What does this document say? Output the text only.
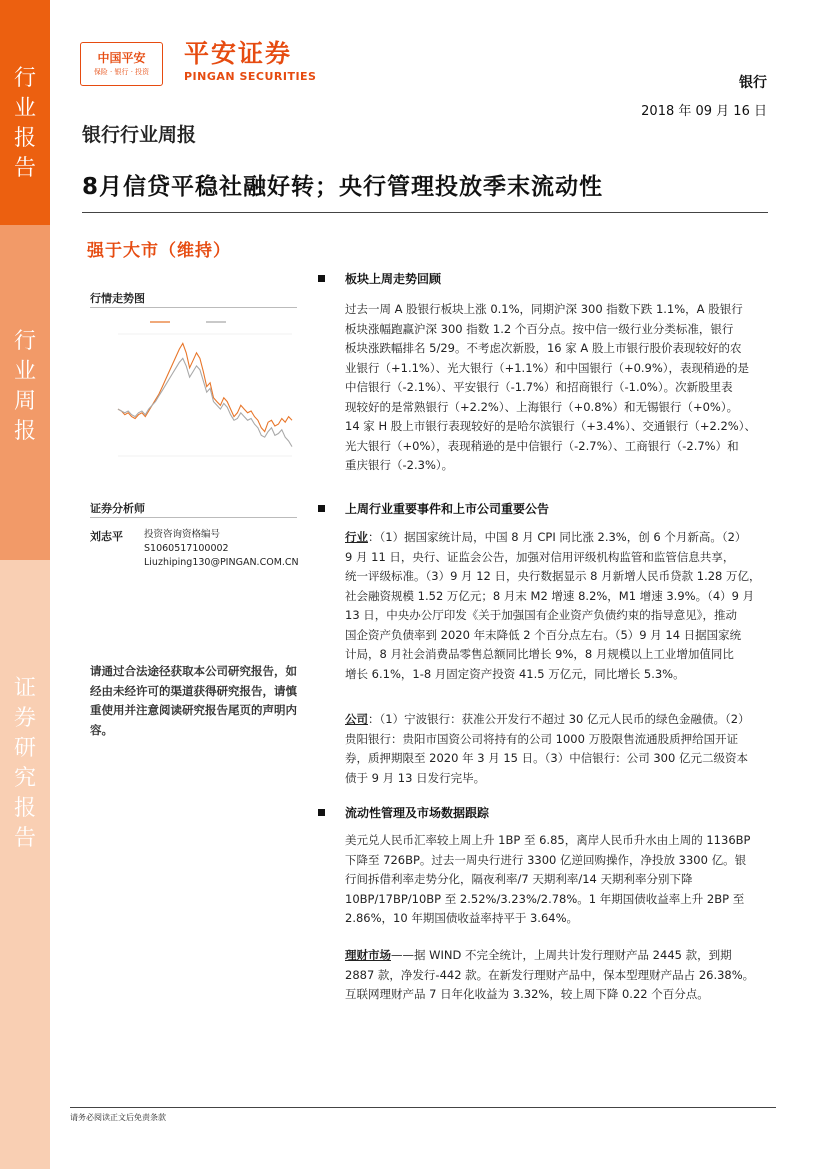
行
业
报
告
行
业
周
报
证
券
研
究
报
告
中国平安
保险 · 银行 · 投资
平安证券
PINGAN SECURITIES	银行
2018 年 09 月 16 日
银行行业周报
8月信贷平稳社融好转；央行管理投放季末流动性
强于大市（维持）
行情走势图
证券分析师
刘志平 投资咨询资格编号
S1060517100002
Liuzhiping130@PINGAN.COM.CN
请通过合法途径获取本公司研究报告，如经由未经许可的渠道获得研究报告，请慎重使用并注意阅读研究报告尾页的声明内容。
板块上周走势回顾
过去一周 A 股银行板块上涨 0.1%，同期沪深 300 指数下跌 1.1%，A 股银行
板块涨幅跑赢沪深 300 指数 1.2 个百分点。按中信一级行业分类标准，银行
板块涨跌幅排名 5/29。不考虑次新股，16 家 A 股上市银行股价表现较好的农
业银行（+1.1%）、光大银行（+1.1%）和中国银行（+0.9%），表现稍逊的是
中信银行（-2.1%）、平安银行（-1.7%）和招商银行（-1.0%）。次新股里表
现较好的是常熟银行（+2.2%）、上海银行（+0.8%）和无锡银行（+0%）。
14 家 H 股上市银行表现较好的是哈尔滨银行（+3.4%）、交通银行（+2.2%）、
光大银行（+0%），表现稍逊的是中信银行（-2.7%）、工商银行（-2.7%）和
重庆银行（-2.3%）。
上周行业重要事件和上市公司重要公告
行业：（1）据国家统计局，中国 8 月 CPI 同比涨 2.3%，创 6 个月新高。（2）
9 月 11 日，央行、证监会公告，加强对信用评级机构监管和监管信息共享，
统一评级标准。（3）9 月 12 日，央行数据显示 8 月新增人民币贷款 1.28 万亿，
社会融资规模 1.52 万亿元；8 月末 M2 增速 8.2%，M1 增速 3.9%。（4）9 月
13 日，中央办公厅印发《关于加强国有企业资产负债约束的指导意见》，推动
国企资产负债率到 2020 年末降低 2 个百分点左右。（5）9 月 14 日据国家统
计局，8 月社会消费品零售总额同比增长 9%，8 月规模以上工业增加值同比
增长 6.1%，1-8 月固定资产投资 41.5 万亿元，同比增长 5.3%。
公司：（1）宁波银行：获准公开发行不超过 30 亿元人民币的绿色金融债。（2）
贵阳银行：贵阳市国资公司将持有的公司 1000 万股限售流通股质押给国开证
券，质押期限至 2020 年 3 月 15 日。（3）中信银行：公司 300 亿元二级资本
债于 9 月 13 日发行完毕。
流动性管理及市场数据跟踪
美元兑人民币汇率较上周上升 1BP 至 6.85，离岸人民币升水由上周的 1136BP
下降至 726BP。过去一周央行进行 3300 亿逆回购操作，净投放 3300 亿。银
行间拆借利率走势分化，隔夜利率/7 天期利率/14 天期利率分别下降
10BP/17BP/10BP 至 2.52%/3.23%/2.78%。1 年期国债收益率上升 2BP 至
2.86%，10 年期国债收益率持平于 3.64%。
理财市场——据 WIND 不完全统计，上周共计发行理财产品 2445 款，到期
2887 款，净发行-442 款。在新发行理财产品中，保本型理财产品占 26.38%。
互联网理财产品 7 日年化收益为 3.32%，较上周下降 0.22 个百分点。
请务必阅读正文后免责条款
